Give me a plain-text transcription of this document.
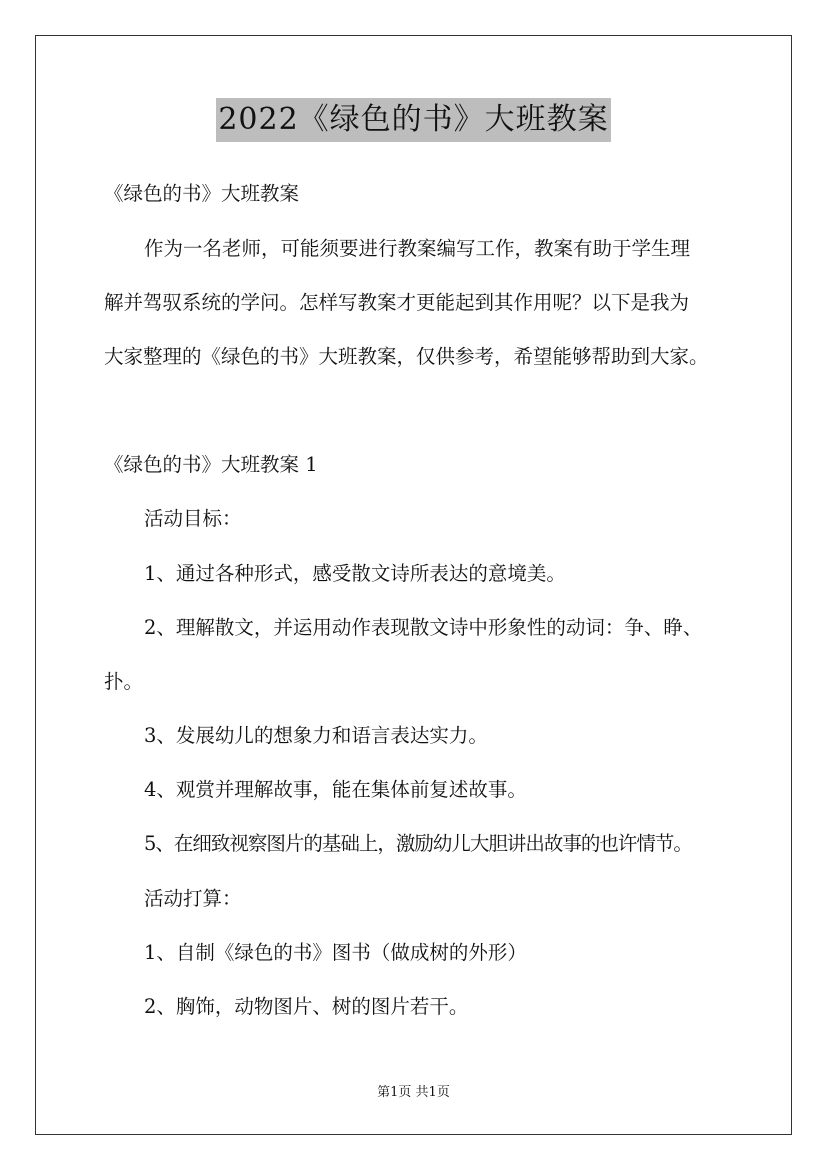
2022《绿色的书》大班教案
《绿色的书》大班教案
作为一名老师，可能须要进行教案编写工作，教案有助于学生理
解并驾驭系统的学问。怎样写教案才更能起到其作用呢？以下是我为
大家整理的《绿色的书》大班教案，仅供参考，希望能够帮助到大家。
《绿色的书》大班教案 1
活动目标：
1、通过各种形式，感受散文诗所表达的意境美。
2、理解散文，并运用动作表现散文诗中形象性的动词：争、睁、
扑。
3、发展幼儿的想象力和语言表达实力。
4、观赏并理解故事，能在集体前复述故事。
5、在细致视察图片的基础上，激励幼儿大胆讲出故事的也许情节。
活动打算：
1、自制《绿色的书》图书（做成树的外形）
2、胸饰，动物图片、树的图片若干。
第1页 共1页
